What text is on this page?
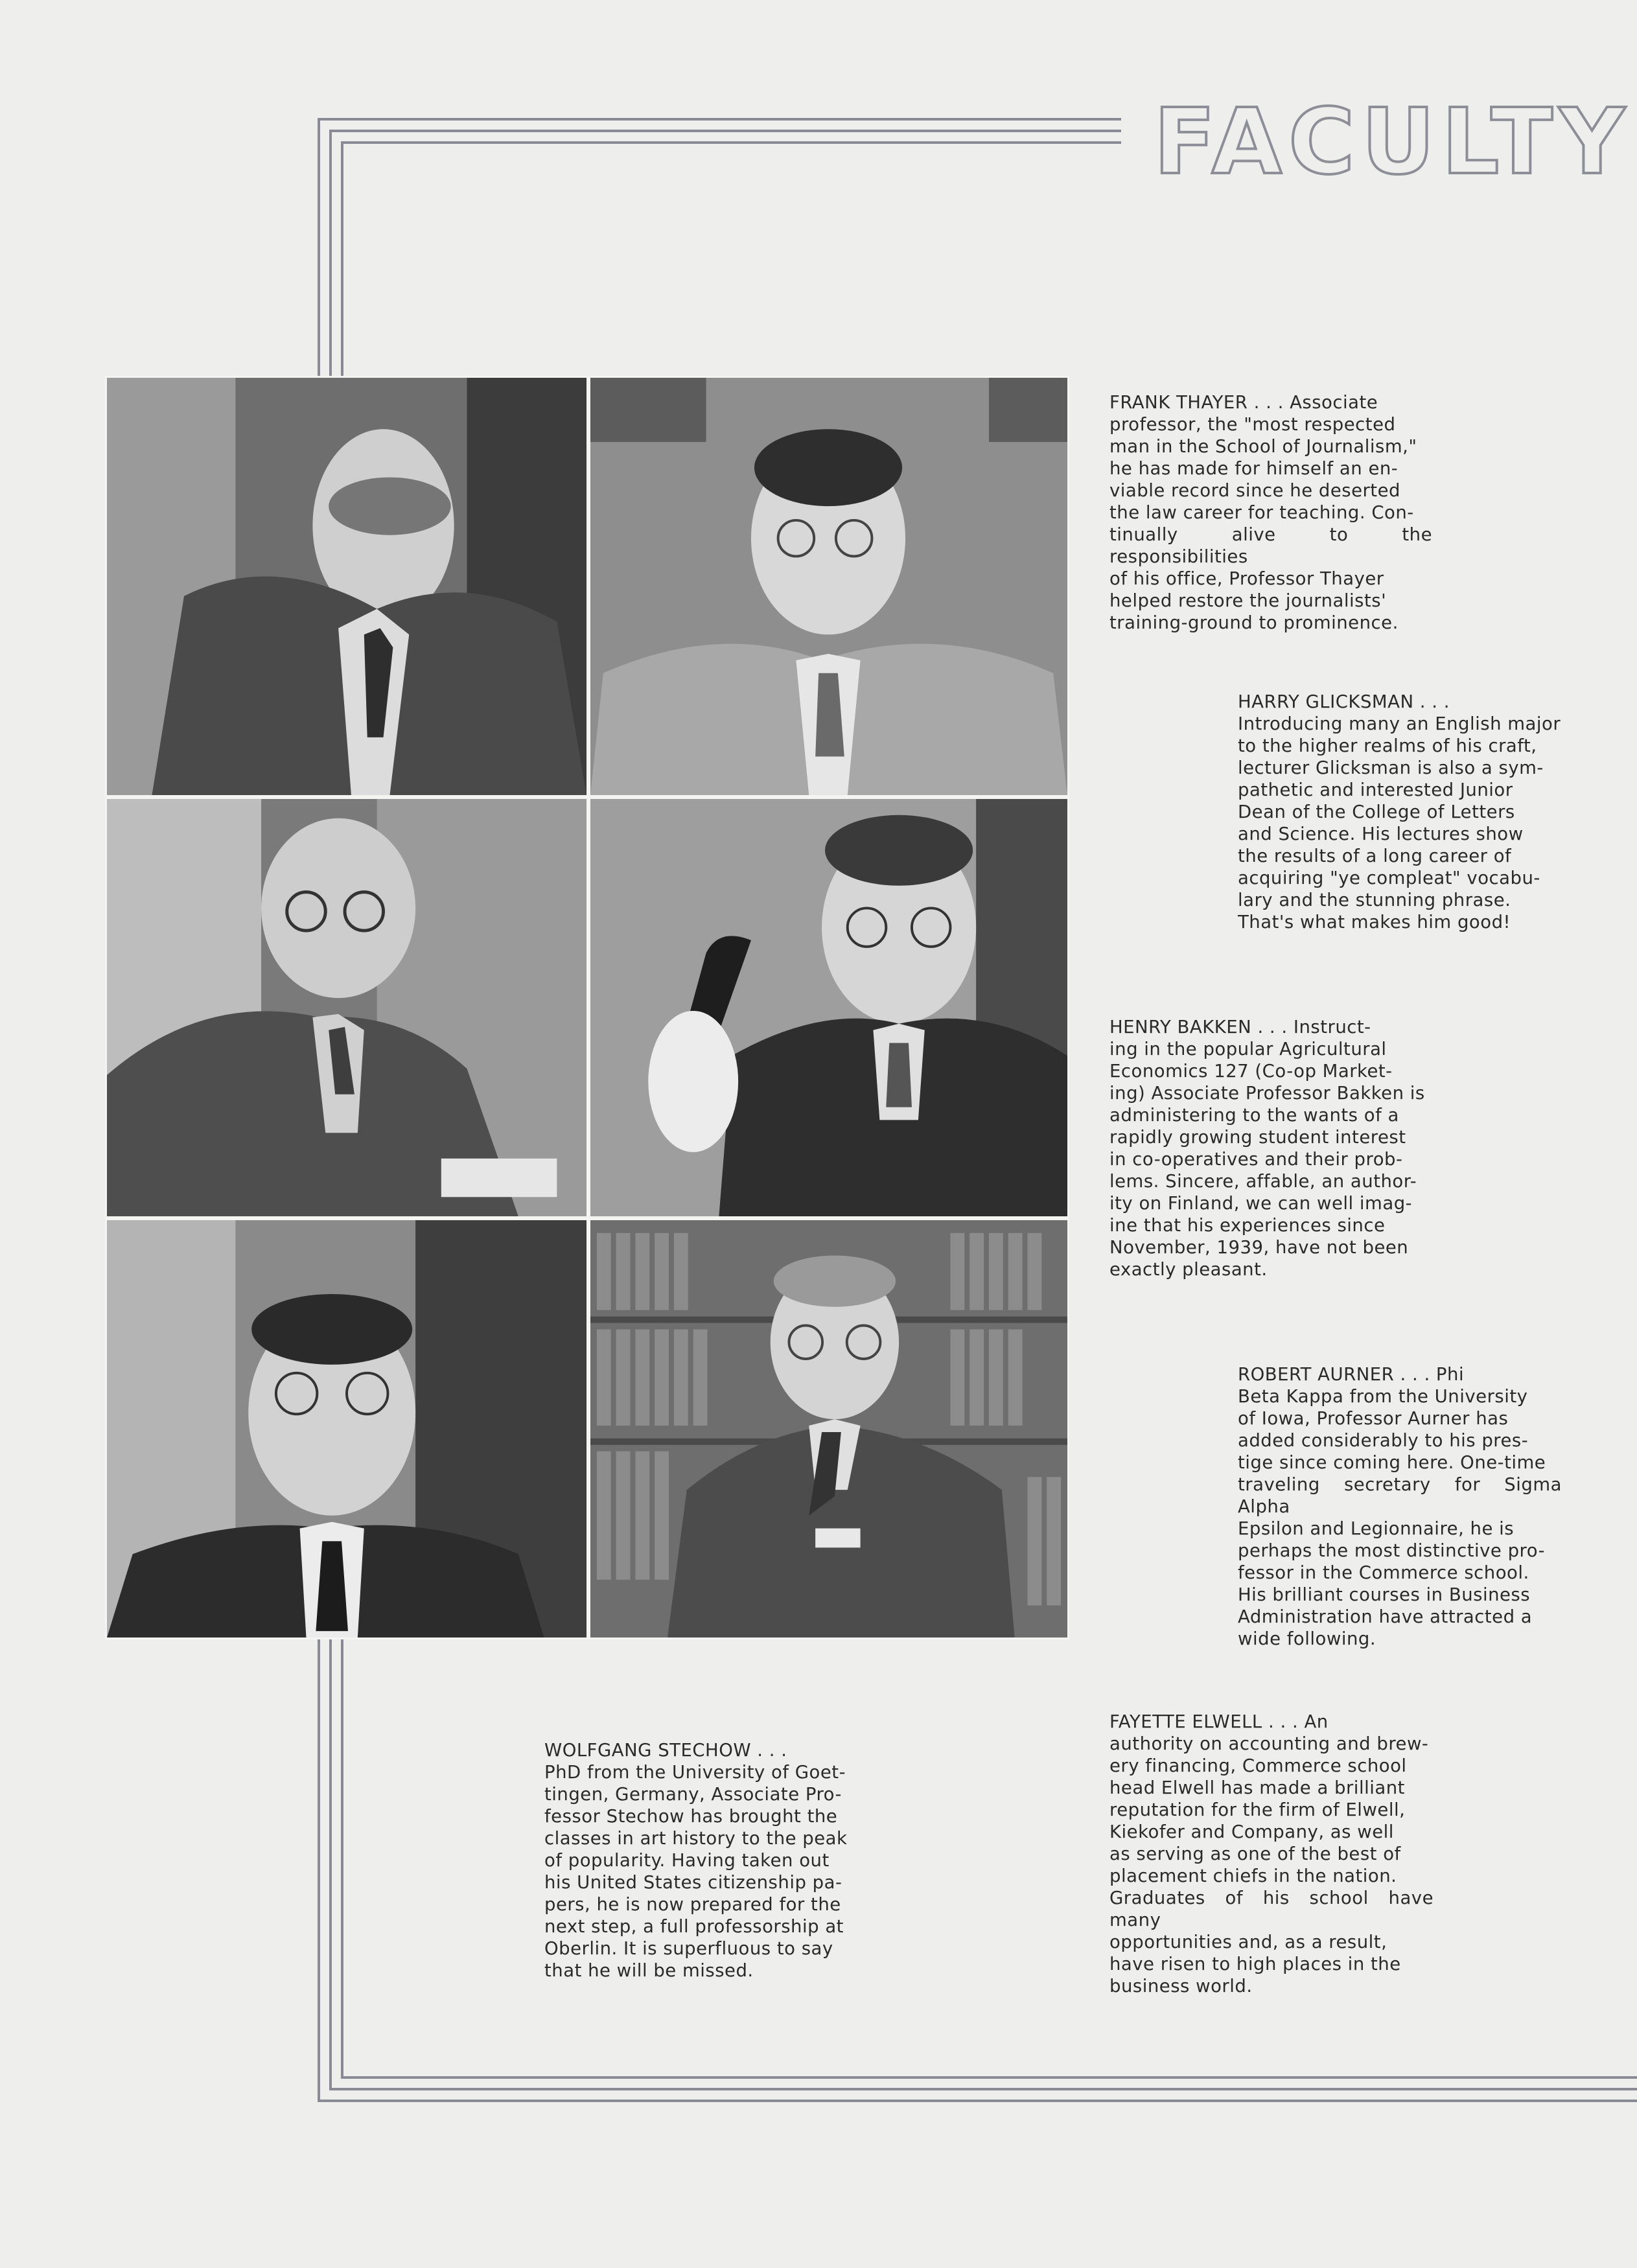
FACULTY
FRANK THAYER . . . Associate
professor, the "most respected
man in the School of Journalism,"
he has made for himself an en-
viable record since he deserted
the law career for teaching. Con-
tinually alive to the responsibilities
of his office, Professor Thayer
helped restore the journalists'
training-ground to prominence.
HARRY GLICKSMAN . . .
Introducing many an English major
to the higher realms of his craft,
lecturer Glicksman is also a sym-
pathetic and interested Junior
Dean of the College of Letters
and Science. His lectures show
the results of a long career of
acquiring "ye compleat" vocabu-
lary and the stunning phrase.
That's what makes him good!
HENRY BAKKEN . . . Instruct-
ing in the popular Agricultural
Economics 127 (Co-op Market-
ing) Associate Professor Bakken is
administering to the wants of a
rapidly growing student interest
in co-operatives and their prob-
lems. Sincere, affable, an author-
ity on Finland, we can well imag-
ine that his experiences since
November, 1939, have not been
exactly pleasant.
ROBERT AURNER . . . Phi
Beta Kappa from the University
of Iowa, Professor Aurner has
added considerably to his pres-
tige since coming here. One-time
traveling secretary for Sigma Alpha
Epsilon and Legionnaire, he is
perhaps the most distinctive pro-
fessor in the Commerce school.
His brilliant courses in Business
Administration have attracted a
wide following.
WOLFGANG STECHOW . . .
PhD from the University of Goet-
tingen, Germany, Associate Pro-
fessor Stechow has brought the
classes in art history to the peak
of popularity. Having taken out
his United States citizenship pa-
pers, he is now prepared for the
next step, a full professorship at
Oberlin. It is superfluous to say
that he will be missed.
FAYETTE ELWELL . . . An
authority on accounting and brew-
ery financing, Commerce school
head Elwell has made a brilliant
reputation for the firm of Elwell,
Kiekofer and Company, as well
as serving as one of the best of
placement chiefs in the nation.
Graduates of his school have many
opportunities and, as a result,
have risen to high places in the
business world.
